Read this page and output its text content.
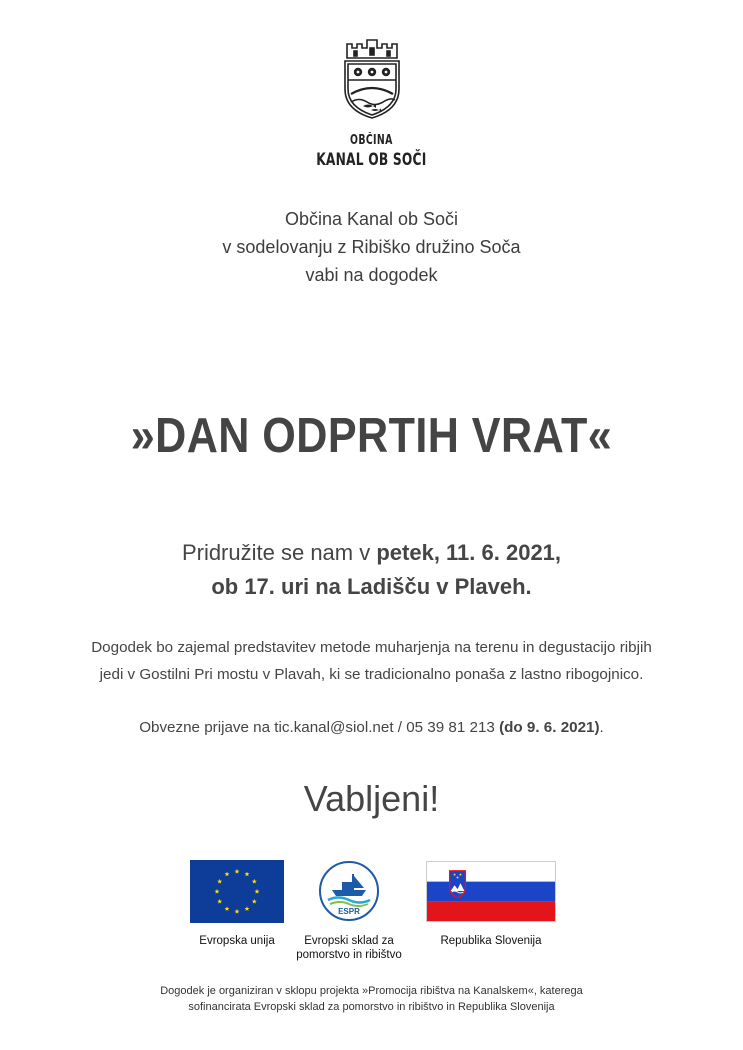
OBČINA
KANAL OB SOČI
Občina Kanal ob Soči
v sodelovanju z Ribiško družino Soča
vabi na dogodek
»DAN ODPRTIH VRAT«
Pridružite se nam v petek, 11. 6. 2021,
ob 17. uri na Ladišču v Plaveh.
Dogodek bo zajemal predstavitev metode muharjenja na terenu in degustacijo ribjih
jedi v Gostilni Pri mostu v Plavah, ki se tradicionalno ponaša z lastno ribogojnico.
Obvezne prijave na tic.kanal@siol.net / 05 39 81 213 (do 9. 6. 2021).
Vabljeni!
Evropska unija
ESPR
Evropski sklad za
pomorstvo in ribištvo
Republika Slovenija
Dogodek je organiziran v sklopu projekta »Promocija ribištva na Kanalskem«, katerega
sofinancirata Evropski sklad za pomorstvo in ribištvo in Republika Slovenija
